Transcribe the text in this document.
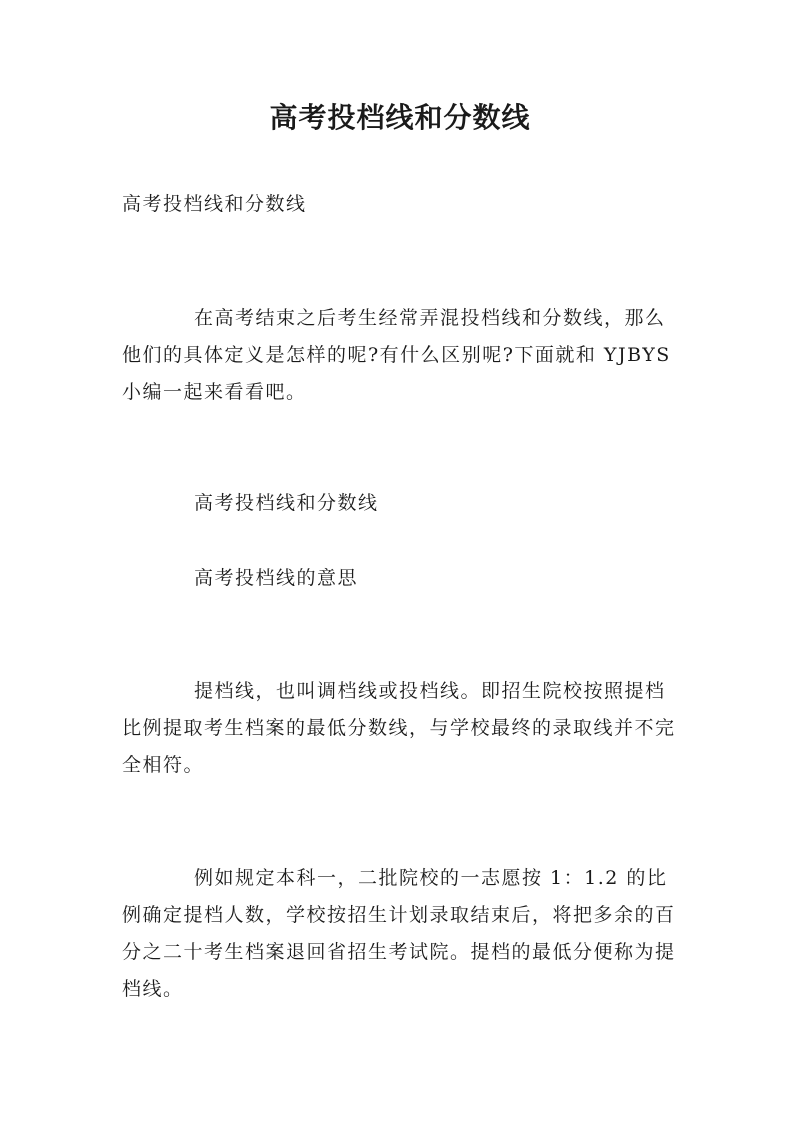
高考投档线和分数线

高考投档线和分数线

在高考结束之后考生经常弄混投档线和分数线，那么他们的具体定义是怎样的呢?有什么区别呢?下面就和 YJBYS 小编一起来看看吧。

高考投档线和分数线

高考投档线的意思

提档线，也叫调档线或投档线。即招生院校按照提档比例提取考生档案的最低分数线，与学校最终的录取线并不完全相符。

例如规定本科一，二批院校的一志愿按 1：1.2 的比例确定提档人数，学校按招生计划录取结束后，将把多余的百分之二十考生档案退回省招生考试院。提档的最低分便称为提档线。
